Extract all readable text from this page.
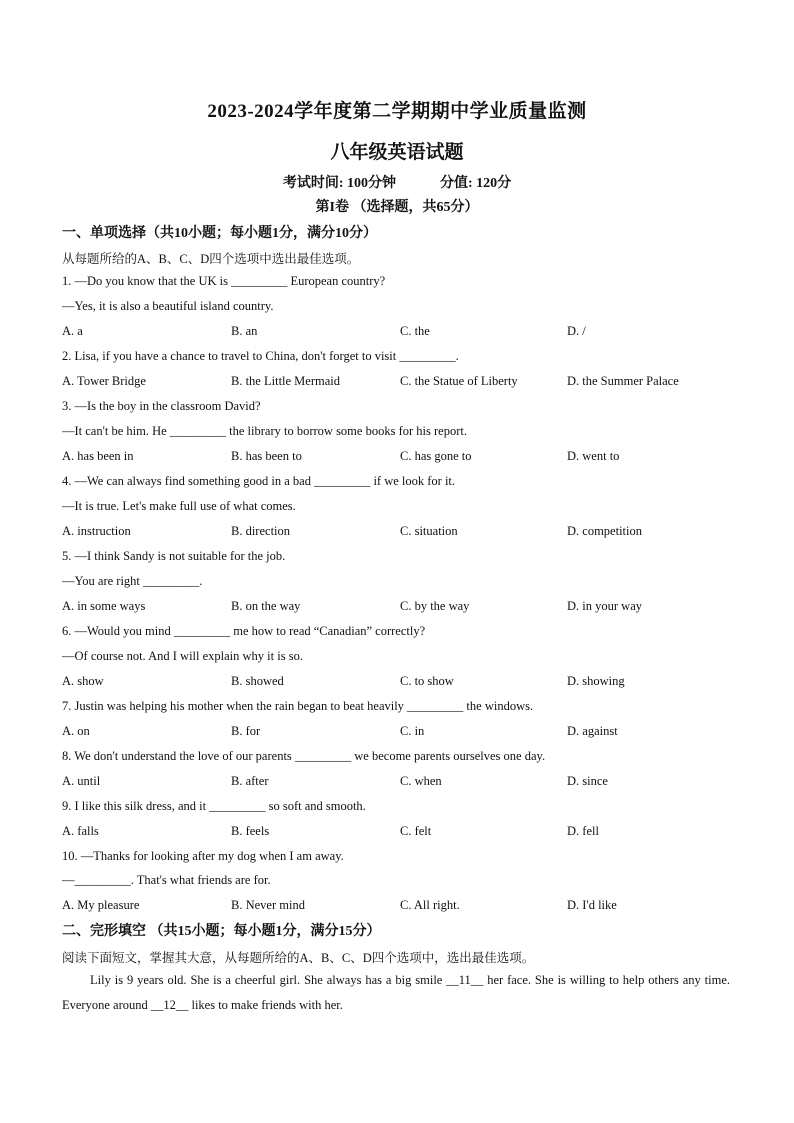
2023-2024学年度第二学期期中学业质量监测
八年级英语试题
考试时间: 100分钟	分值: 120分
第I卷 （选择题，共65分）
一、单项选择（共10小题；每小题1分，满分10分）
从每题所给的A、B、C、D四个选项中选出最佳选项。
1. —Do you know that the UK is _________ European country?
—Yes, it is also a beautiful island country.
A. a	B. an	C. the	D. /
2. Lisa, if you have a chance to travel to China, don't forget to visit _________.
A. Tower Bridge	B. the Little Mermaid	C. the Statue of Liberty	D. the Summer Palace
3. —Is the boy in the classroom David?
—It can't be him. He _________ the library to borrow some books for his report.
A. has been in	B. has been to	C. has gone to	D. went to
4. —We can always find something good in a bad _________ if we look for it.
—It is true. Let's make full use of what comes.
A. instruction	B. direction	C. situation	D. competition
5. —I think Sandy is not suitable for the job.
—You are right _________.
A. in some ways	B. on the way	C. by the way	D. in your way
6. —Would you mind _________ me how to read “Canadian” correctly?
—Of course not. And I will explain why it is so.
A. show	B. showed	C. to show	D. showing
7. Justin was helping his mother when the rain began to beat heavily _________ the windows.
A. on	B. for	C. in	D. against
8. We don't understand the love of our parents _________ we become parents ourselves one day.
A. until	B. after	C. when	D. since
9. I like this silk dress, and it _________ so soft and smooth.
A. falls	B. feels	C. felt	D. fell
10. —Thanks for looking after my dog when I am away.
—_________. That's what friends are for.
A. My pleasure	B. Never mind	C. All right.	D. I'd like
二、完形填空 （共15小题；每小题1分，满分15分）
阅读下面短文，掌握其大意，从每题所给的A、B、C、D四个选项中，选出最佳选项。
Lily is 9 years old. She is a cheerful girl. She always has a big smile __11__ her face. She is willing to help others any time. Everyone around __12__ likes to make friends with her.
